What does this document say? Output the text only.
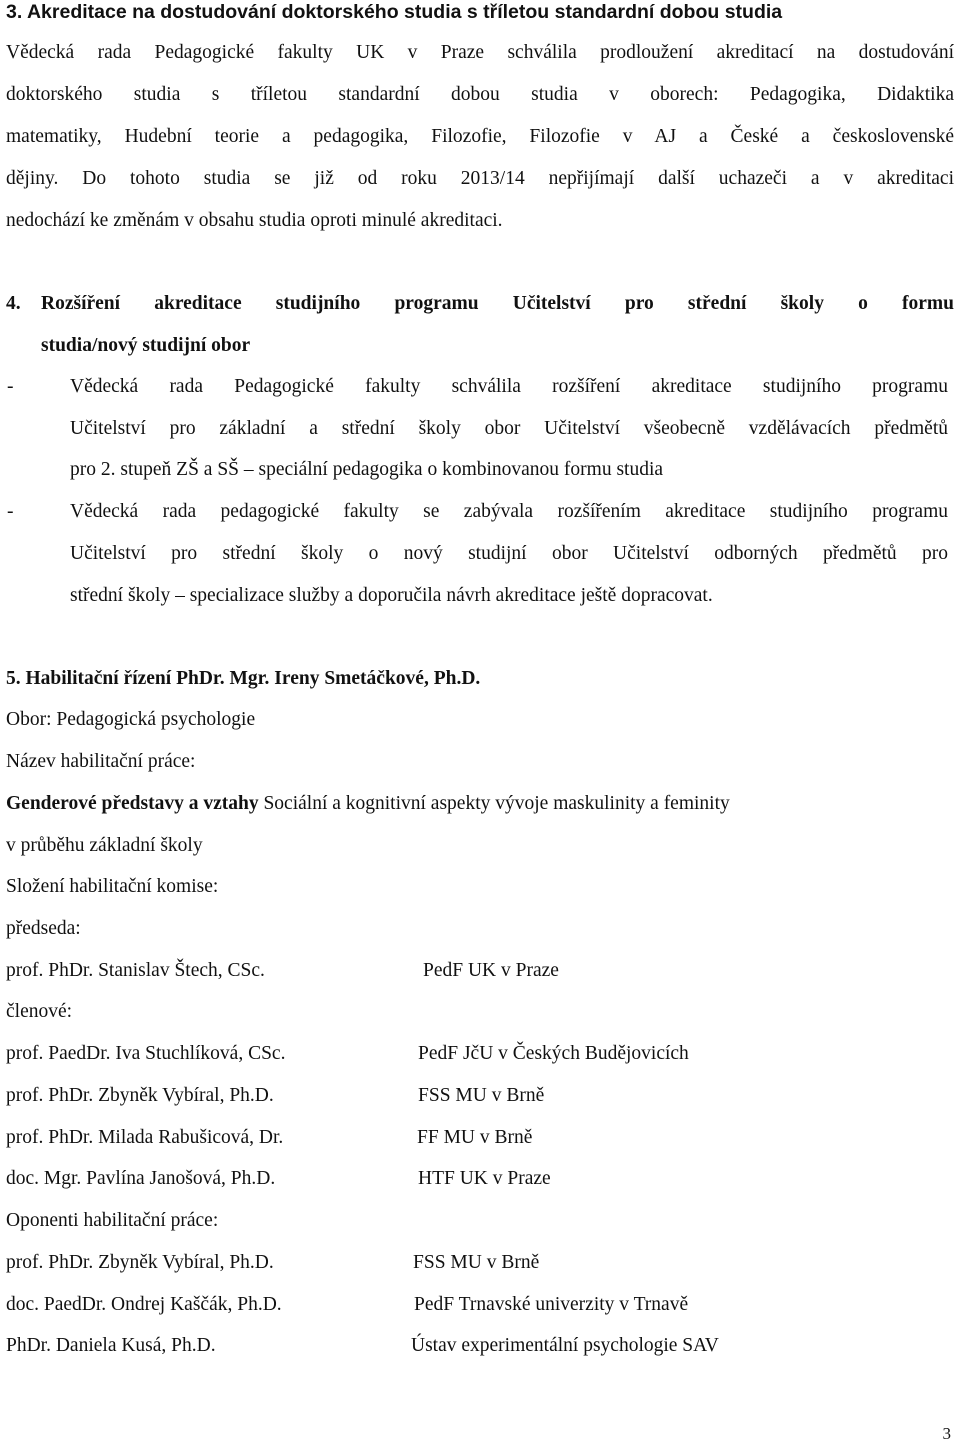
3. Akreditace na dostudování doktorského studia s tříletou standardní dobou studia
Vědecká rada Pedagogické fakulty UK v Praze schválila prodloužení akreditací na dostudování
doktorského studia s tříletou standardní dobou studia v oborech: Pedagogika, Didaktika
matematiky, Hudební teorie a pedagogika, Filozofie, Filozofie v AJ a České a československé
dějiny. Do tohoto studia se již od roku 2013/14 nepřijímají další uchazeči a v akreditaci
nedochází ke změnám v obsahu studia oproti minulé akreditaci.
4. Rozšíření akreditace studijního programu Učitelství pro střední školy o formu
studia/nový studijní obor
-	Vědecká rada Pedagogické fakulty schválila rozšíření akreditace studijního programu
Učitelství pro základní a střední školy obor Učitelství všeobecně vzdělávacích předmětů
pro 2. stupeň ZŠ a SŠ – speciální pedagogika o kombinovanou formu studia
-	Vědecká rada pedagogické fakulty se zabývala rozšířením akreditace studijního programu
Učitelství pro střední školy o nový studijní obor Učitelství odborných předmětů pro
střední školy – specializace služby a doporučila návrh akreditace ještě dopracovat.
5. Habilitační řízení PhDr. Mgr. Ireny Smetáčkové, Ph.D.
Obor: Pedagogická psychologie
Název habilitační práce:
Genderové představy a vztahy Sociální a kognitivní aspekty vývoje maskulinity a feminity
v průběhu základní školy
Složení habilitační komise:
předseda:
prof. PhDr. Stanislav Štech, CSc.	PedF UK v Praze
členové:
prof. PaedDr. Iva Stuchlíková, CSc.	PedF JčU v Českých Budějovicích
prof. PhDr. Zbyněk Vybíral, Ph.D.	FSS MU v Brně
prof. PhDr. Milada Rabušicová, Dr.	FF MU v Brně
doc. Mgr. Pavlína Janošová, Ph.D.	HTF UK v Praze
Oponenti habilitační práce:
prof. PhDr. Zbyněk Vybíral, Ph.D.	FSS MU v Brně
doc. PaedDr. Ondrej Kaščák, Ph.D.	PedF Trnavské univerzity v Trnavě
PhDr. Daniela Kusá, Ph.D.	Ústav experimentální psychologie SAV
3
